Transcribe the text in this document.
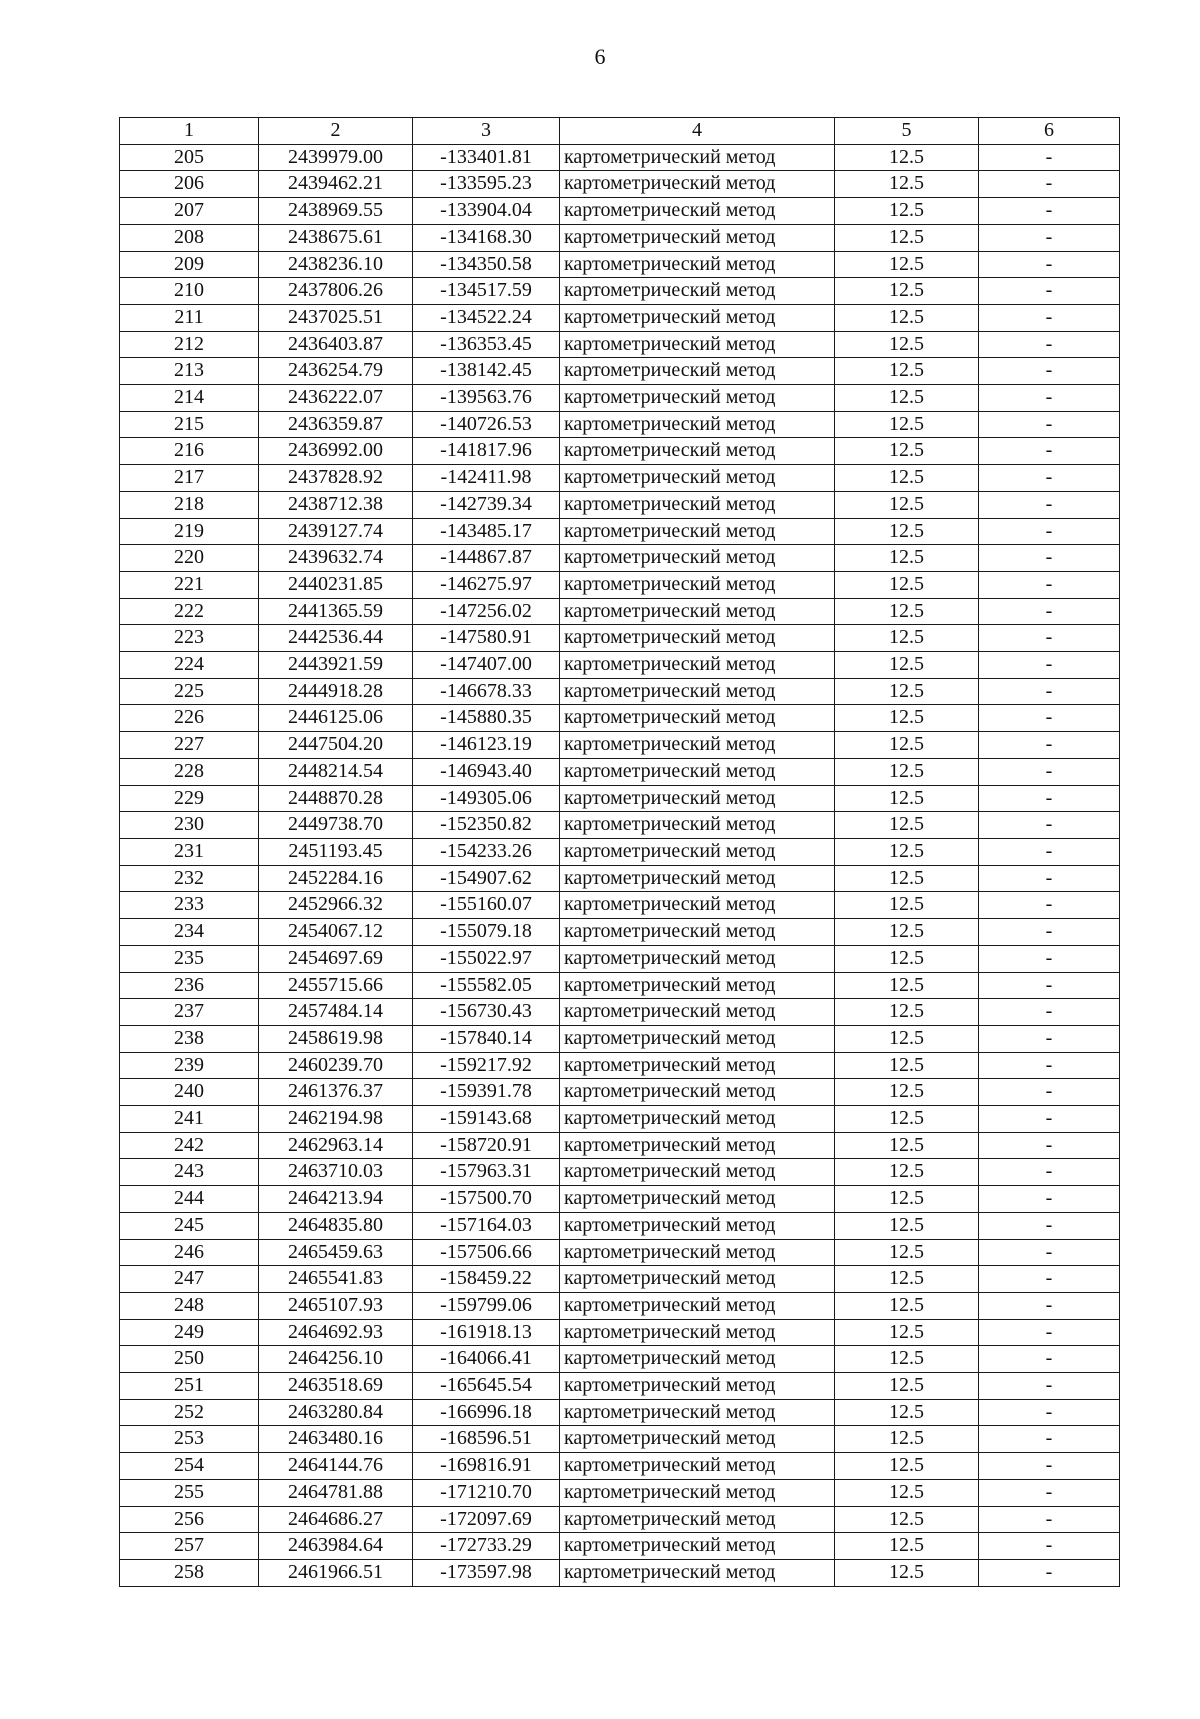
6
1	2	3	4	5	6
205	2439979.00	-133401.81	картометрический метод	12.5	-
206	2439462.21	-133595.23	картометрический метод	12.5	-
207	2438969.55	-133904.04	картометрический метод	12.5	-
208	2438675.61	-134168.30	картометрический метод	12.5	-
209	2438236.10	-134350.58	картометрический метод	12.5	-
210	2437806.26	-134517.59	картометрический метод	12.5	-
211	2437025.51	-134522.24	картометрический метод	12.5	-
212	2436403.87	-136353.45	картометрический метод	12.5	-
213	2436254.79	-138142.45	картометрический метод	12.5	-
214	2436222.07	-139563.76	картометрический метод	12.5	-
215	2436359.87	-140726.53	картометрический метод	12.5	-
216	2436992.00	-141817.96	картометрический метод	12.5	-
217	2437828.92	-142411.98	картометрический метод	12.5	-
218	2438712.38	-142739.34	картометрический метод	12.5	-
219	2439127.74	-143485.17	картометрический метод	12.5	-
220	2439632.74	-144867.87	картометрический метод	12.5	-
221	2440231.85	-146275.97	картометрический метод	12.5	-
222	2441365.59	-147256.02	картометрический метод	12.5	-
223	2442536.44	-147580.91	картометрический метод	12.5	-
224	2443921.59	-147407.00	картометрический метод	12.5	-
225	2444918.28	-146678.33	картометрический метод	12.5	-
226	2446125.06	-145880.35	картометрический метод	12.5	-
227	2447504.20	-146123.19	картометрический метод	12.5	-
228	2448214.54	-146943.40	картометрический метод	12.5	-
229	2448870.28	-149305.06	картометрический метод	12.5	-
230	2449738.70	-152350.82	картометрический метод	12.5	-
231	2451193.45	-154233.26	картометрический метод	12.5	-
232	2452284.16	-154907.62	картометрический метод	12.5	-
233	2452966.32	-155160.07	картометрический метод	12.5	-
234	2454067.12	-155079.18	картометрический метод	12.5	-
235	2454697.69	-155022.97	картометрический метод	12.5	-
236	2455715.66	-155582.05	картометрический метод	12.5	-
237	2457484.14	-156730.43	картометрический метод	12.5	-
238	2458619.98	-157840.14	картометрический метод	12.5	-
239	2460239.70	-159217.92	картометрический метод	12.5	-
240	2461376.37	-159391.78	картометрический метод	12.5	-
241	2462194.98	-159143.68	картометрический метод	12.5	-
242	2462963.14	-158720.91	картометрический метод	12.5	-
243	2463710.03	-157963.31	картометрический метод	12.5	-
244	2464213.94	-157500.70	картометрический метод	12.5	-
245	2464835.80	-157164.03	картометрический метод	12.5	-
246	2465459.63	-157506.66	картометрический метод	12.5	-
247	2465541.83	-158459.22	картометрический метод	12.5	-
248	2465107.93	-159799.06	картометрический метод	12.5	-
249	2464692.93	-161918.13	картометрический метод	12.5	-
250	2464256.10	-164066.41	картометрический метод	12.5	-
251	2463518.69	-165645.54	картометрический метод	12.5	-
252	2463280.84	-166996.18	картометрический метод	12.5	-
253	2463480.16	-168596.51	картометрический метод	12.5	-
254	2464144.76	-169816.91	картометрический метод	12.5	-
255	2464781.88	-171210.70	картометрический метод	12.5	-
256	2464686.27	-172097.69	картометрический метод	12.5	-
257	2463984.64	-172733.29	картометрический метод	12.5	-
258	2461966.51	-173597.98	картометрический метод	12.5	-
